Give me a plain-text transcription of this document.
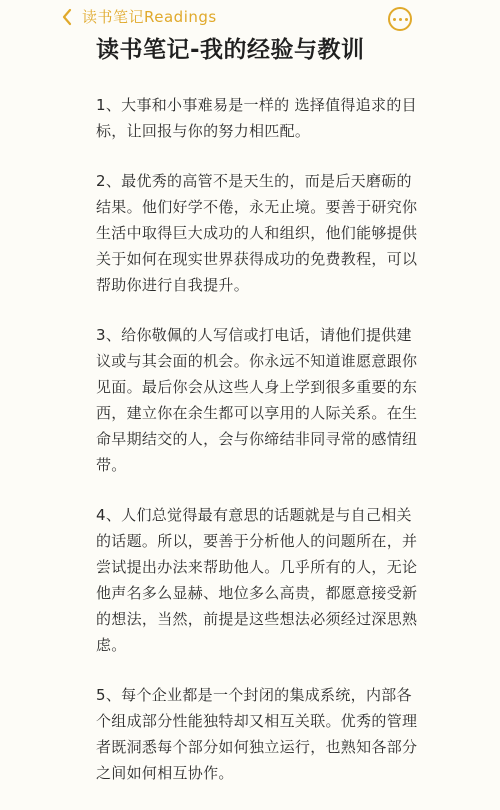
读书笔记Readings
读书笔记-我的经验与教训

1、大事和小事难易是一样的 选择值得追求的目标，让回报与你的努力相匹配。

2、最优秀的高管不是天生的，而是后天磨砺的结果。他们好学不倦，永无止境。要善于研究你生活中取得巨大成功的人和组织，他们能够提供关于如何在现实世界获得成功的免费教程，可以帮助你进行自我提升。

3、给你敬佩的人写信或打电话，请他们提供建议或与其会面的机会。你永远不知道谁愿意跟你见面。最后你会从这些人身上学到很多重要的东西，建立你在余生都可以享用的人际关系。在生命早期结交的人，会与你缔结非同寻常的感情纽带。

4、人们总觉得最有意思的话题就是与自己相关的话题。所以，要善于分析他人的问题所在，并尝试提出办法来帮助他人。几乎所有的人，无论他声名多么显赫、地位多么高贵，都愿意接受新的想法，当然，前提是这些想法必须经过深思熟虑。

5、每个企业都是一个封闭的集成系统，内部各个组成部分性能独特却又相互关联。优秀的管理者既洞悉每个部分如何独立运行，也熟知各部分之间如何相互协作。
